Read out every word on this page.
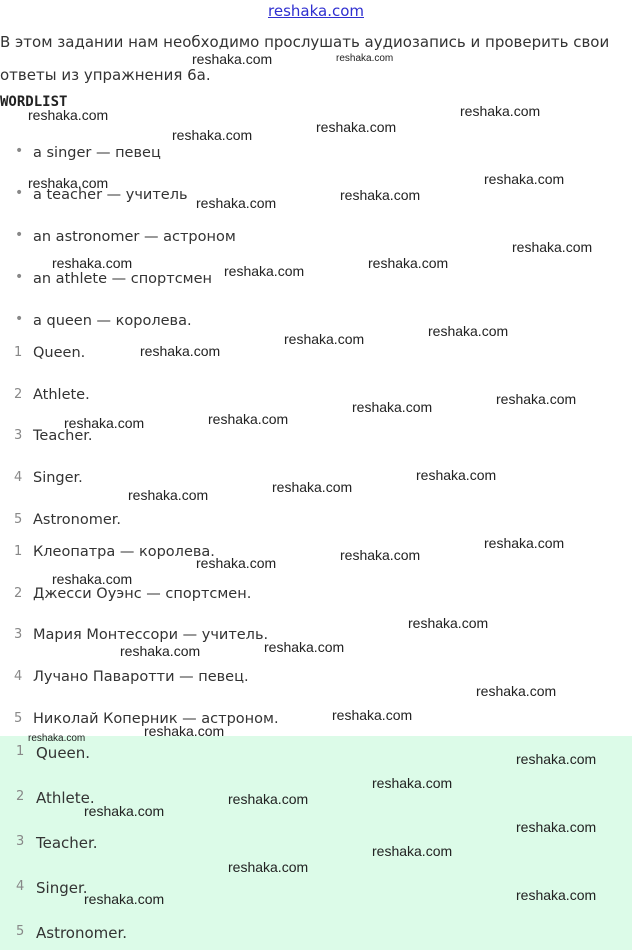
reshaka.com
В этом задании нам необходимо прослушать аудиозапись и проверить свои ответы из упражнения 6а.
WORDLIST
• a singer — певец
• a teacher — учитель
• an astronomer — астроном
• an athlete — спортсмен
• a queen — королева.
1 Queen.
2 Athlete.
3 Teacher.
4 Singer.
5 Astronomer.
1 Клеопатра — королева.
2 Джесси Оуэнс — спортсмен.
3 Мария Монтессори — учитель.
4 Лучано Паваротти — певец.
5 Николай Коперник — астроном.
1 Queen.
2 Athlete.
3 Teacher.
4 Singer.
5 Astronomer.
reshaka.com	reshaka.com
reshaka.com
reshaka.com
reshaka.com
reshaka.com
reshaka.com
reshaka.com
reshaka.com
reshaka.com
reshaka.com
reshaka.com	reshaka.com
reshaka.com
reshaka.com
reshaka.com
reshaka.com
reshaka.com
reshaka.com
reshaka.com
reshaka.com
reshaka.com
reshaka.com
reshaka.com
reshaka.com
reshaka.com
reshaka.com
reshaka.com
reshaka.com
reshaka.com
reshaka.com
reshaka.com
reshaka.com
reshaka.com
reshaka.com
reshaka.com
reshaka.com
reshaka.com
reshaka.com
reshaka.com
reshaka.com
reshaka.com
reshaka.com
reshaka.com
